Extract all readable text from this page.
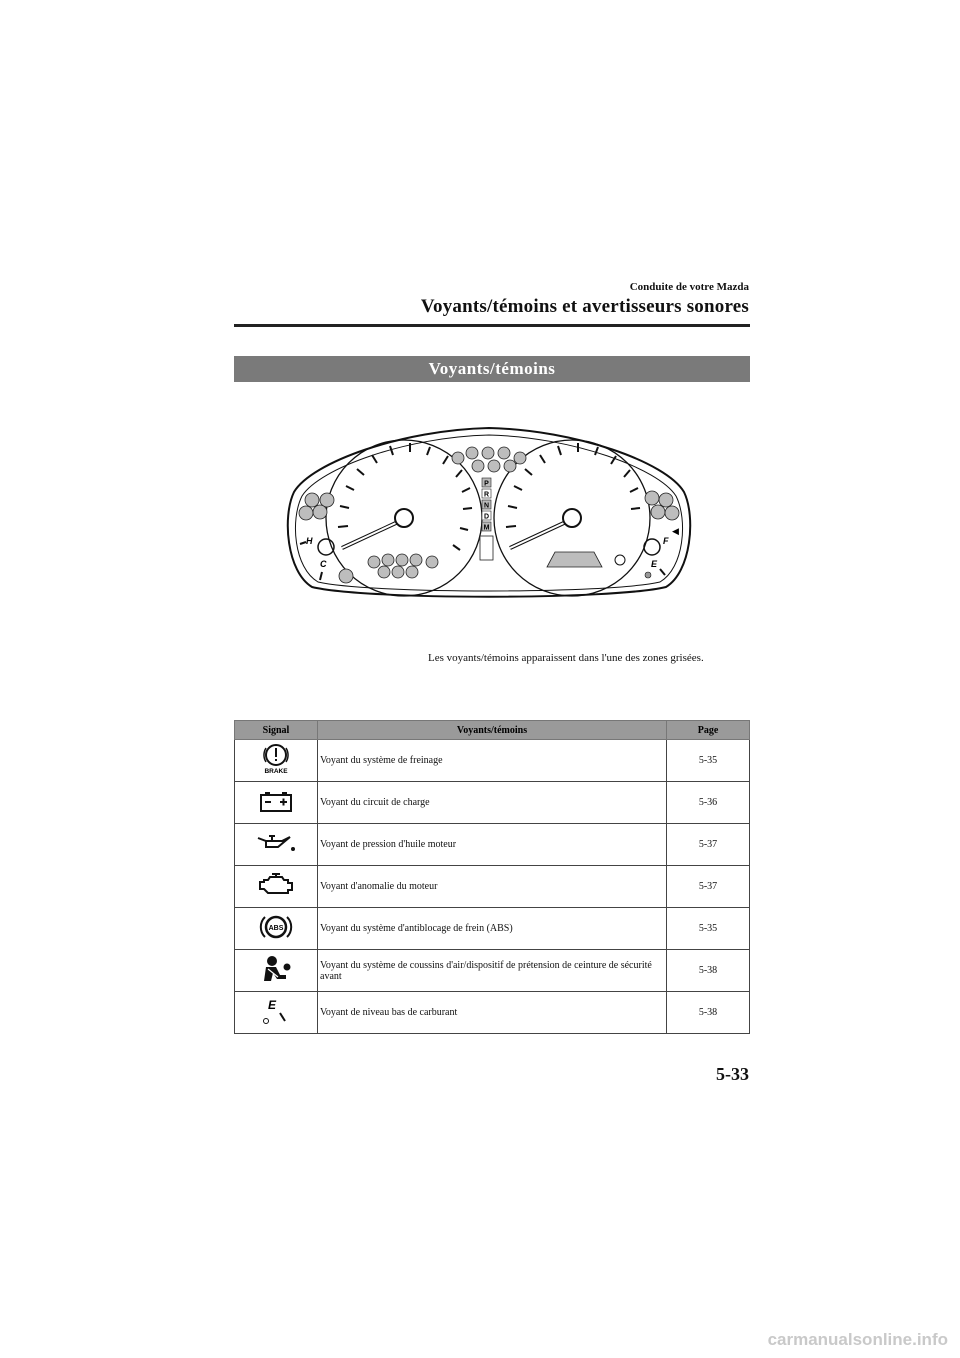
Conduite de votre Mazda
Voyants/témoins et avertisseurs sonores
Voyants/témoins
P
R
N
D
M
H
C
F
E
◀
Les voyants/témoins apparaissent dans l'une des zones grisées.
Signal	Voyants/témoins	Page

BRAKE	Voyant du système de freinage	5-35
	Voyant du circuit de charge	5-36
	Voyant de pression d'huile moteur	5-37
	Voyant d'anomalie du moteur	5-37

ABS	Voyant du système d'antiblocage de frein (ABS)	5-35
	Voyant du système de coussins d'air/dispositif de prétension de ceinture de sécurité avant	5-38

E	Voyant de niveau bas de carburant	5-38
5-33
carmanualsonline.info
